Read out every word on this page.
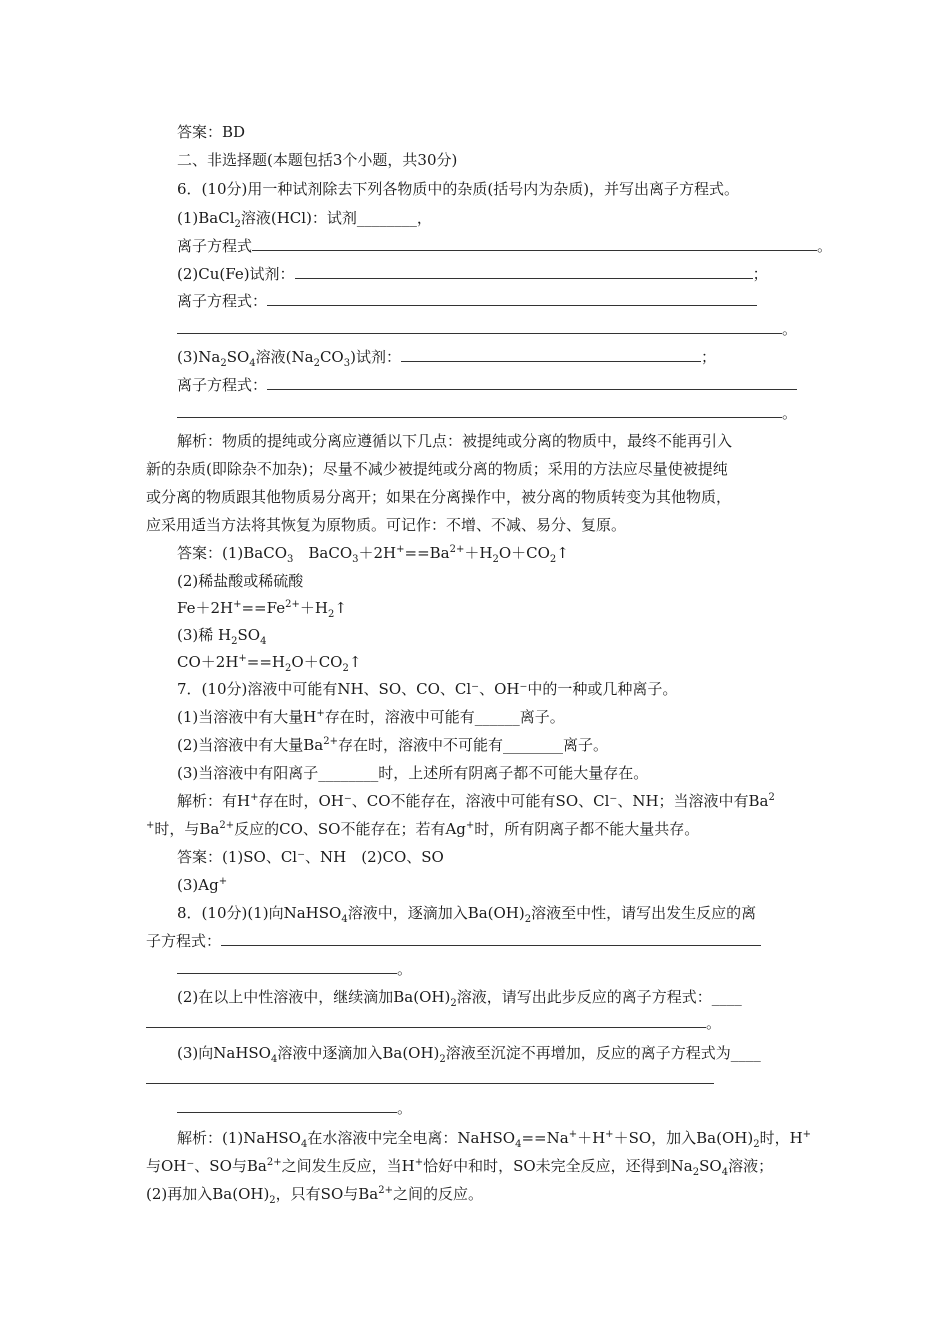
答案：BD
二、非选择题(本题包括3个小题，共30分)
6．(10分)用一种试剂除去下列各物质中的杂质(括号内为杂质)，并写出离子方程式。
(1)BaCl$_2$溶液(HCl)：试剂________，
离子方程式	。
(2)Cu(Fe)试剂：	；
离子方程式：
。
$(3)Na_2SO_4$溶液$(Na_2CO_3)$试剂：	；
离子方程式：
。
解析：物质的提纯或分离应遵循以下几点：被提纯或分离的物质中，最终不能再引入
新的杂质(即除杂不加杂)；尽量不减少被提纯或分离的物质；采用的方法应尽量使被提纯
或分离的物质跟其他物质易分离开；如果在分离操作中，被分离的物质转变为其他物质，
应采用适当方法将其恢复为原物质。可记作：不增、不减、易分、复原。
答案：(1)BaCO$_3$　$BaCO_3+2H^+==Ba^{2+}+H_2O+CO_2↑$
(2)稀盐酸或稀硫酸
$Fe+2H^+==Fe^{2+}+H_2↑$
(3)稀 $H_2SO_4$
$CO+2H^+==H_2O+CO_2↑$
7．(10分)溶液中可能有NH、SO、CO、Cl⁻、OH⁻中的一种或几种离子。
(1)当溶液中有大量H+存在时，溶液中可能有______离子。
(2)当溶液中有大量$Ba^{2+}$存在时，溶液中不可能有________离子。
(3)当溶液中有阳离子________时，上述所有阴离子都不可能大量存在。
解析：有H+存在时，OH⁻、CO不能存在，溶液中可能有SO、Cl⁻、NH；当溶液中有Ba$^2$
+时，与$Ba^{2+}$反应的CO、SO不能存在；若有Ag+时，所有阴离子都不能大量共存。
答案：(1)SO、Cl⁻、NH　(2)CO、SO
(3)Ag+
8．(10分)(1)向NaHSO$_4$溶液中，逐滴加入$Ba(OH)_2$溶液至中性，请写出发生反应的离
子方程式：
。
(2)在以上中性溶液中，继续滴加$Ba(OH)_2$溶液，请写出此步反应的离子方程式：____
。
(3)向NaHSO$_4$溶液中逐滴加入$Ba(OH)_2$溶液至沉淀不再增加，反应的离子方程式为____
。
解析：(1)NaHSO$_4$在水溶液中完全电离：NaHSO$_4$==Na+＋H+＋SO，加入$Ba(OH)_2$时，H+
与OH⁻、SO与$Ba^{2+}$之间发生反应，当H+恰好中和时，SO未完全反应，还得到$Na_2SO_4$溶液；
(2)再加入$Ba(OH)_2$，只有SO与$Ba^{2+}$之间的反应。
